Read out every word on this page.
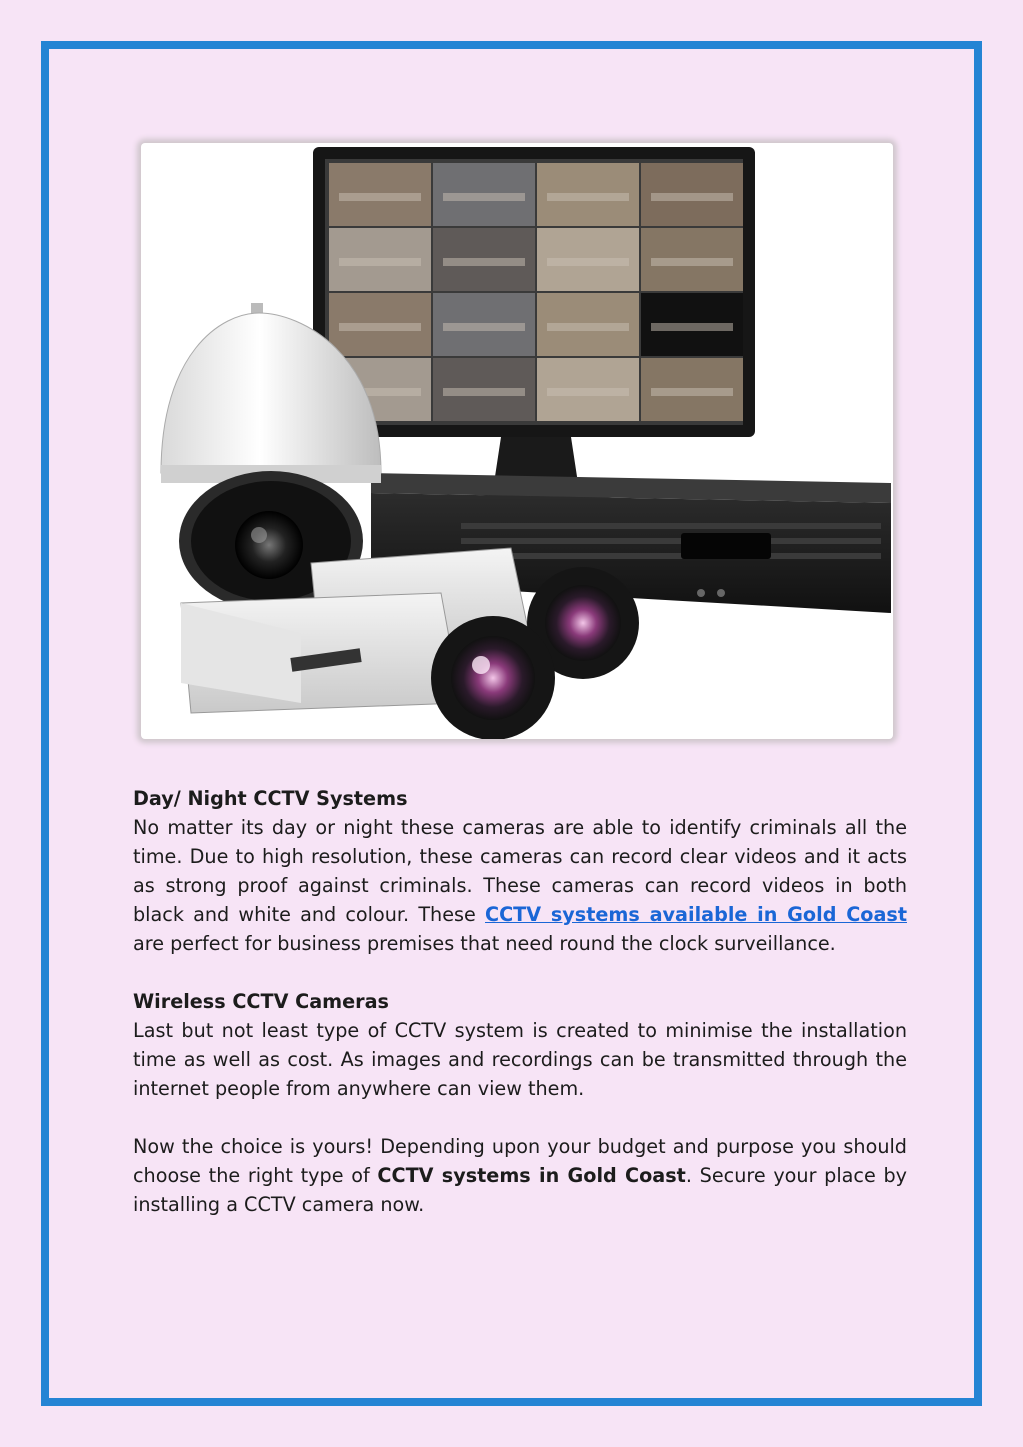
Day/ Night CCTV Systems

No matter its day or night these cameras are able to identify criminals all the time. Due to high resolution, these cameras can record clear videos and it acts as strong proof against criminals. These cameras can record videos in both black and white and colour. These CCTV systems available in Gold Coast are perfect for business premises that need round the clock surveillance.

Wireless CCTV Cameras

Last but not least type of CCTV system is created to minimise the installation time as well as cost. As images and recordings can be transmitted through the internet people from anywhere can view them.

Now the choice is yours! Depending upon your budget and purpose you should choose the right type of CCTV systems in Gold Coast. Secure your place by installing a CCTV camera now.
